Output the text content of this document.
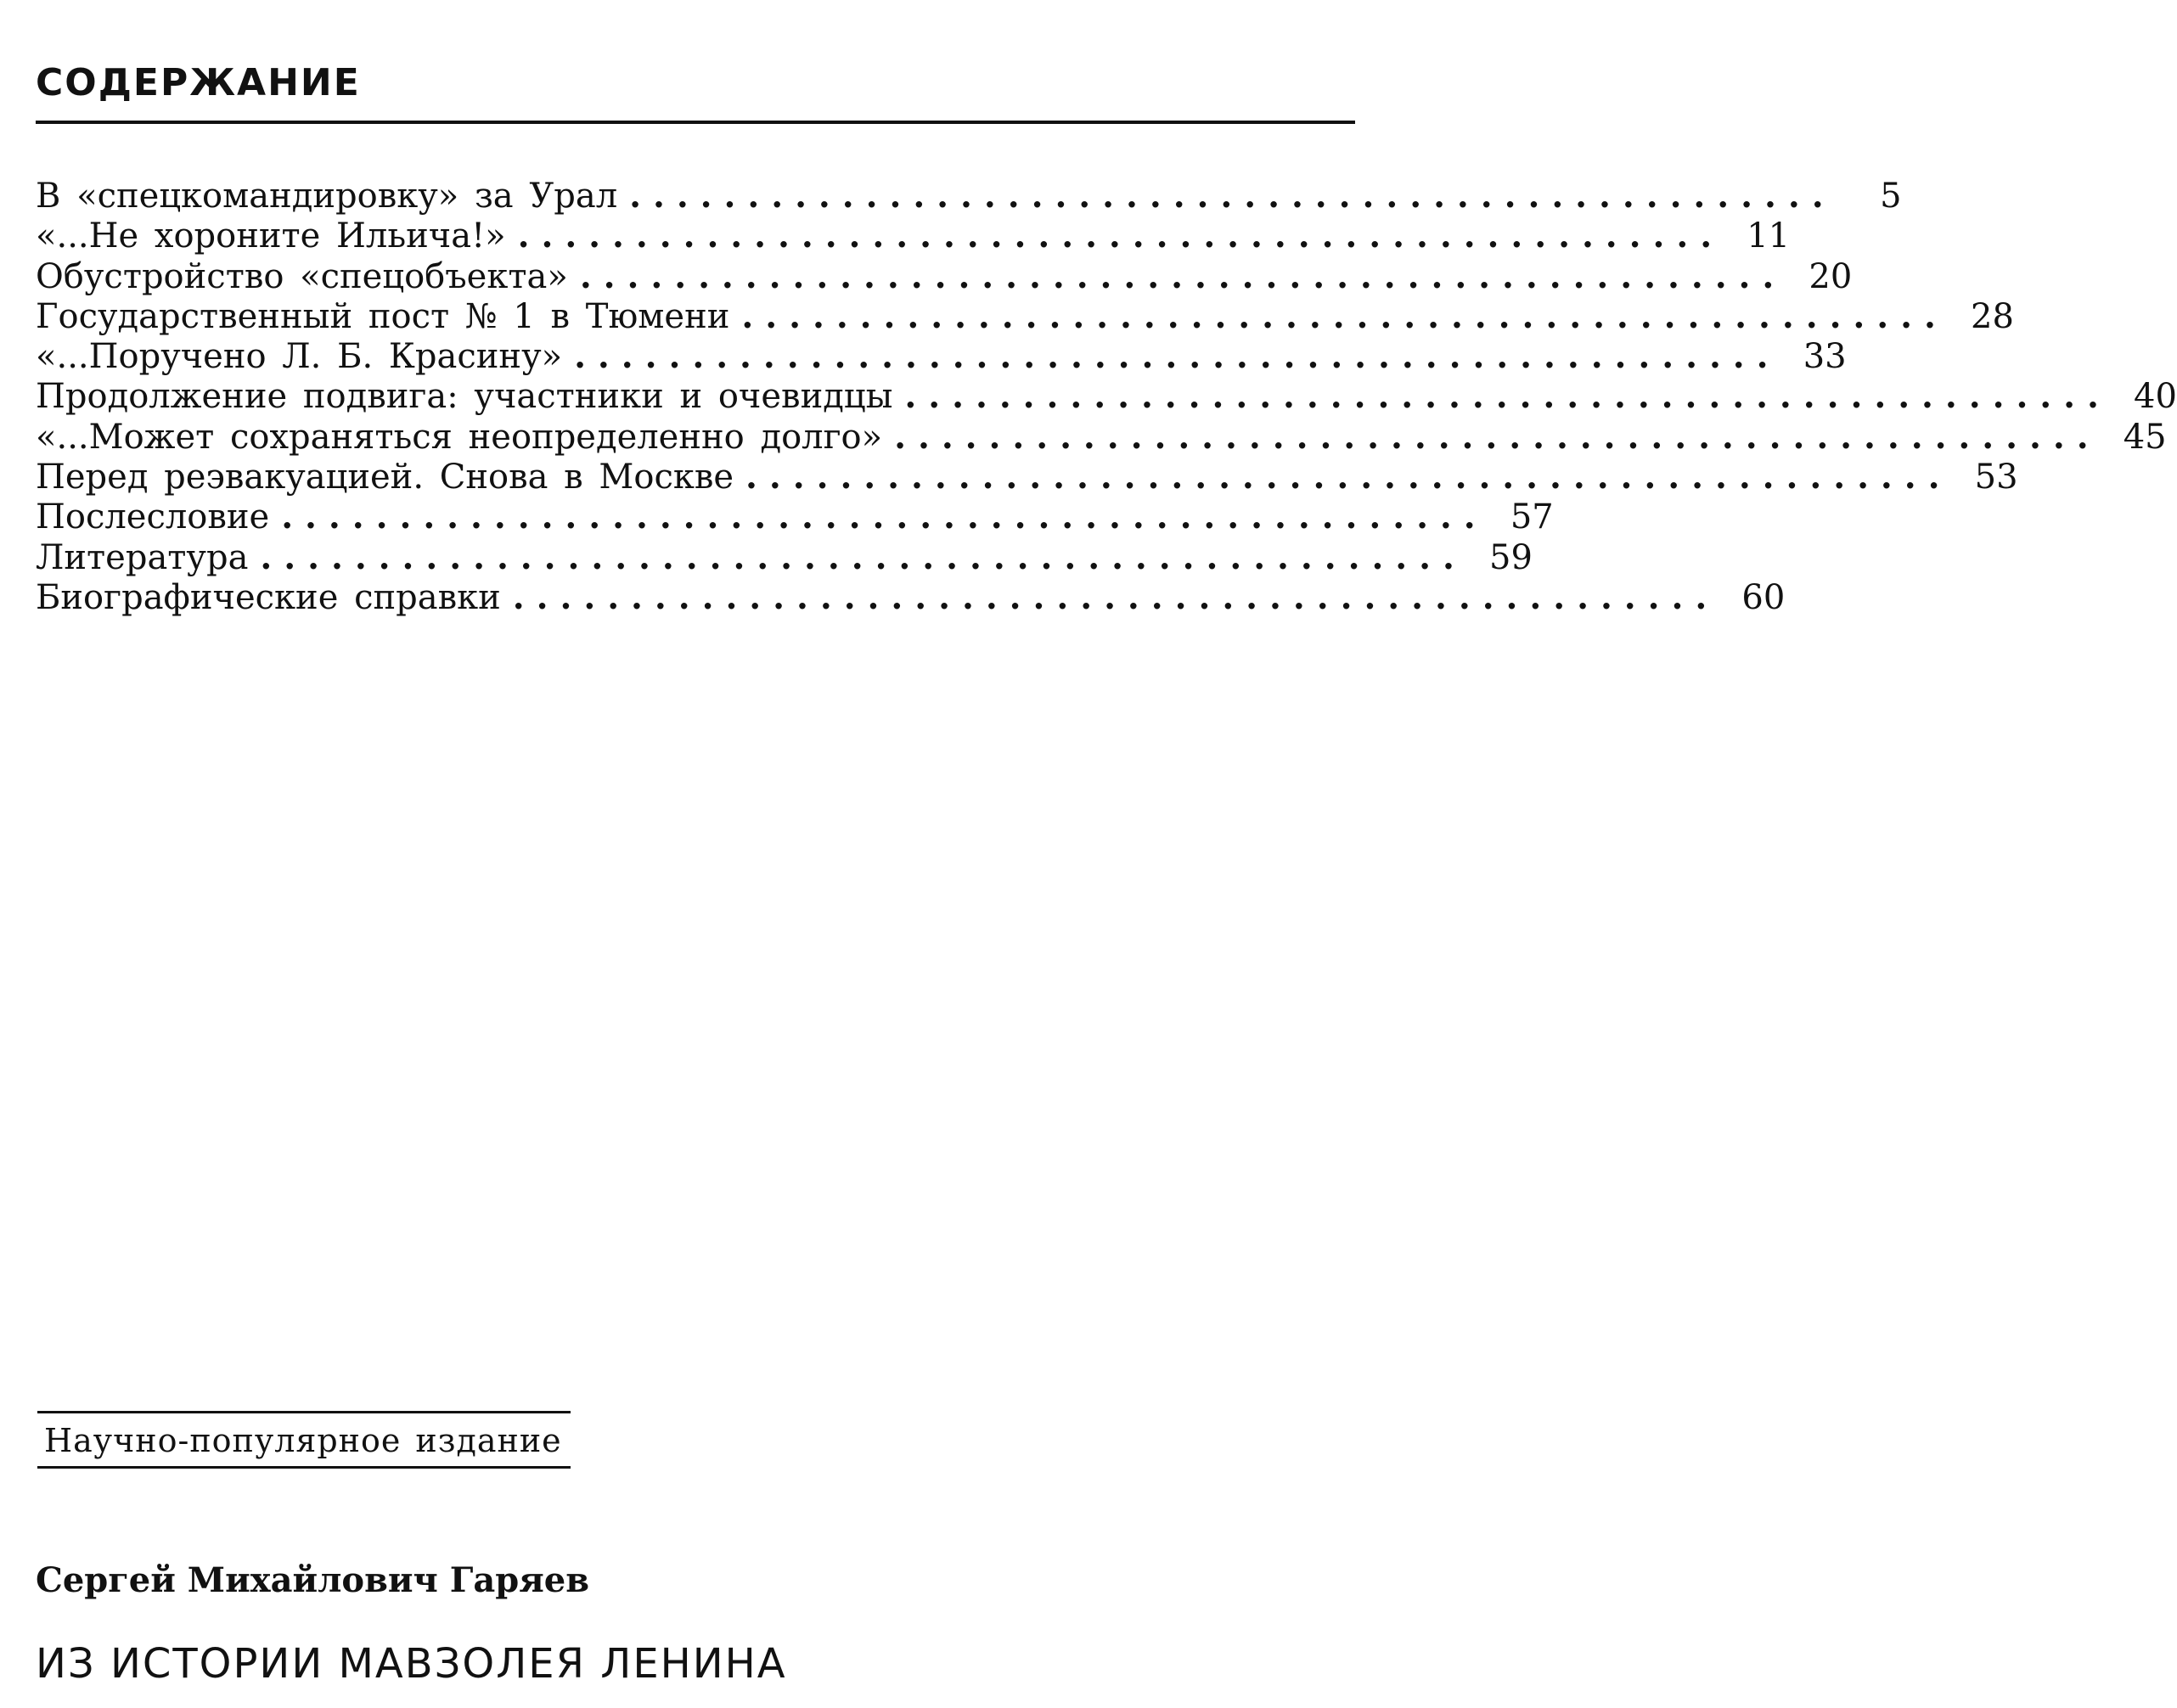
СОДЕРЖАНИЕ
В «спецкомандировку» за Урал . . . . . . . . . . . . . . . . . . . . . . . . . . . . . . . . . . . . . . . . . . . . . . . . . . .	5
«...Не хороните Ильича!» . . . . . . . . . . . . . . . . . . . . . . . . . . . . . . . . . . . . . . . . . . . . . . . . . . . 11
Обустройство «спецобъекта» . . . . . . . . . . . . . . . . . . . . . . . . . . . . . . . . . . . . . . . . . . . . . . . . . . . 20
Государственный пост № 1 в Тюмени . . . . . . . . . . . . . . . . . . . . . . . . . . . . . . . . . . . . . . . . . . . . . . . . . . . 28
«...Поручено Л. Б. Красину» . . . . . . . . . . . . . . . . . . . . . . . . . . . . . . . . . . . . . . . . . . . . . . . . . . . 33
Продолжение подвига: участники и очевидцы . . . . . . . . . . . . . . . . . . . . . . . . . . . . . . . . . . . . . . . . . . . . . . . . . . . 40
«...Может сохраняться неопределенно долго» . . . . . . . . . . . . . . . . . . . . . . . . . . . . . . . . . . . . . . . . . . . . . . . . . . . 45
Перед реэвакуацией. Снова в Москве . . . . . . . . . . . . . . . . . . . . . . . . . . . . . . . . . . . . . . . . . . . . . . . . . . . 53
Послесловие . . . . . . . . . . . . . . . . . . . . . . . . . . . . . . . . . . . . . . . . . . . . . . . . . . . 57
Литература . . . . . . . . . . . . . . . . . . . . . . . . . . . . . . . . . . . . . . . . . . . . . . . . . . . 59
Биографические справки . . . . . . . . . . . . . . . . . . . . . . . . . . . . . . . . . . . . . . . . . . . . . . . . . . . 60
Научно-популярное издание
Сергей Михайлович Гаряев
ИЗ ИСТОРИИ МАВЗОЛЕЯ ЛЕНИНА
